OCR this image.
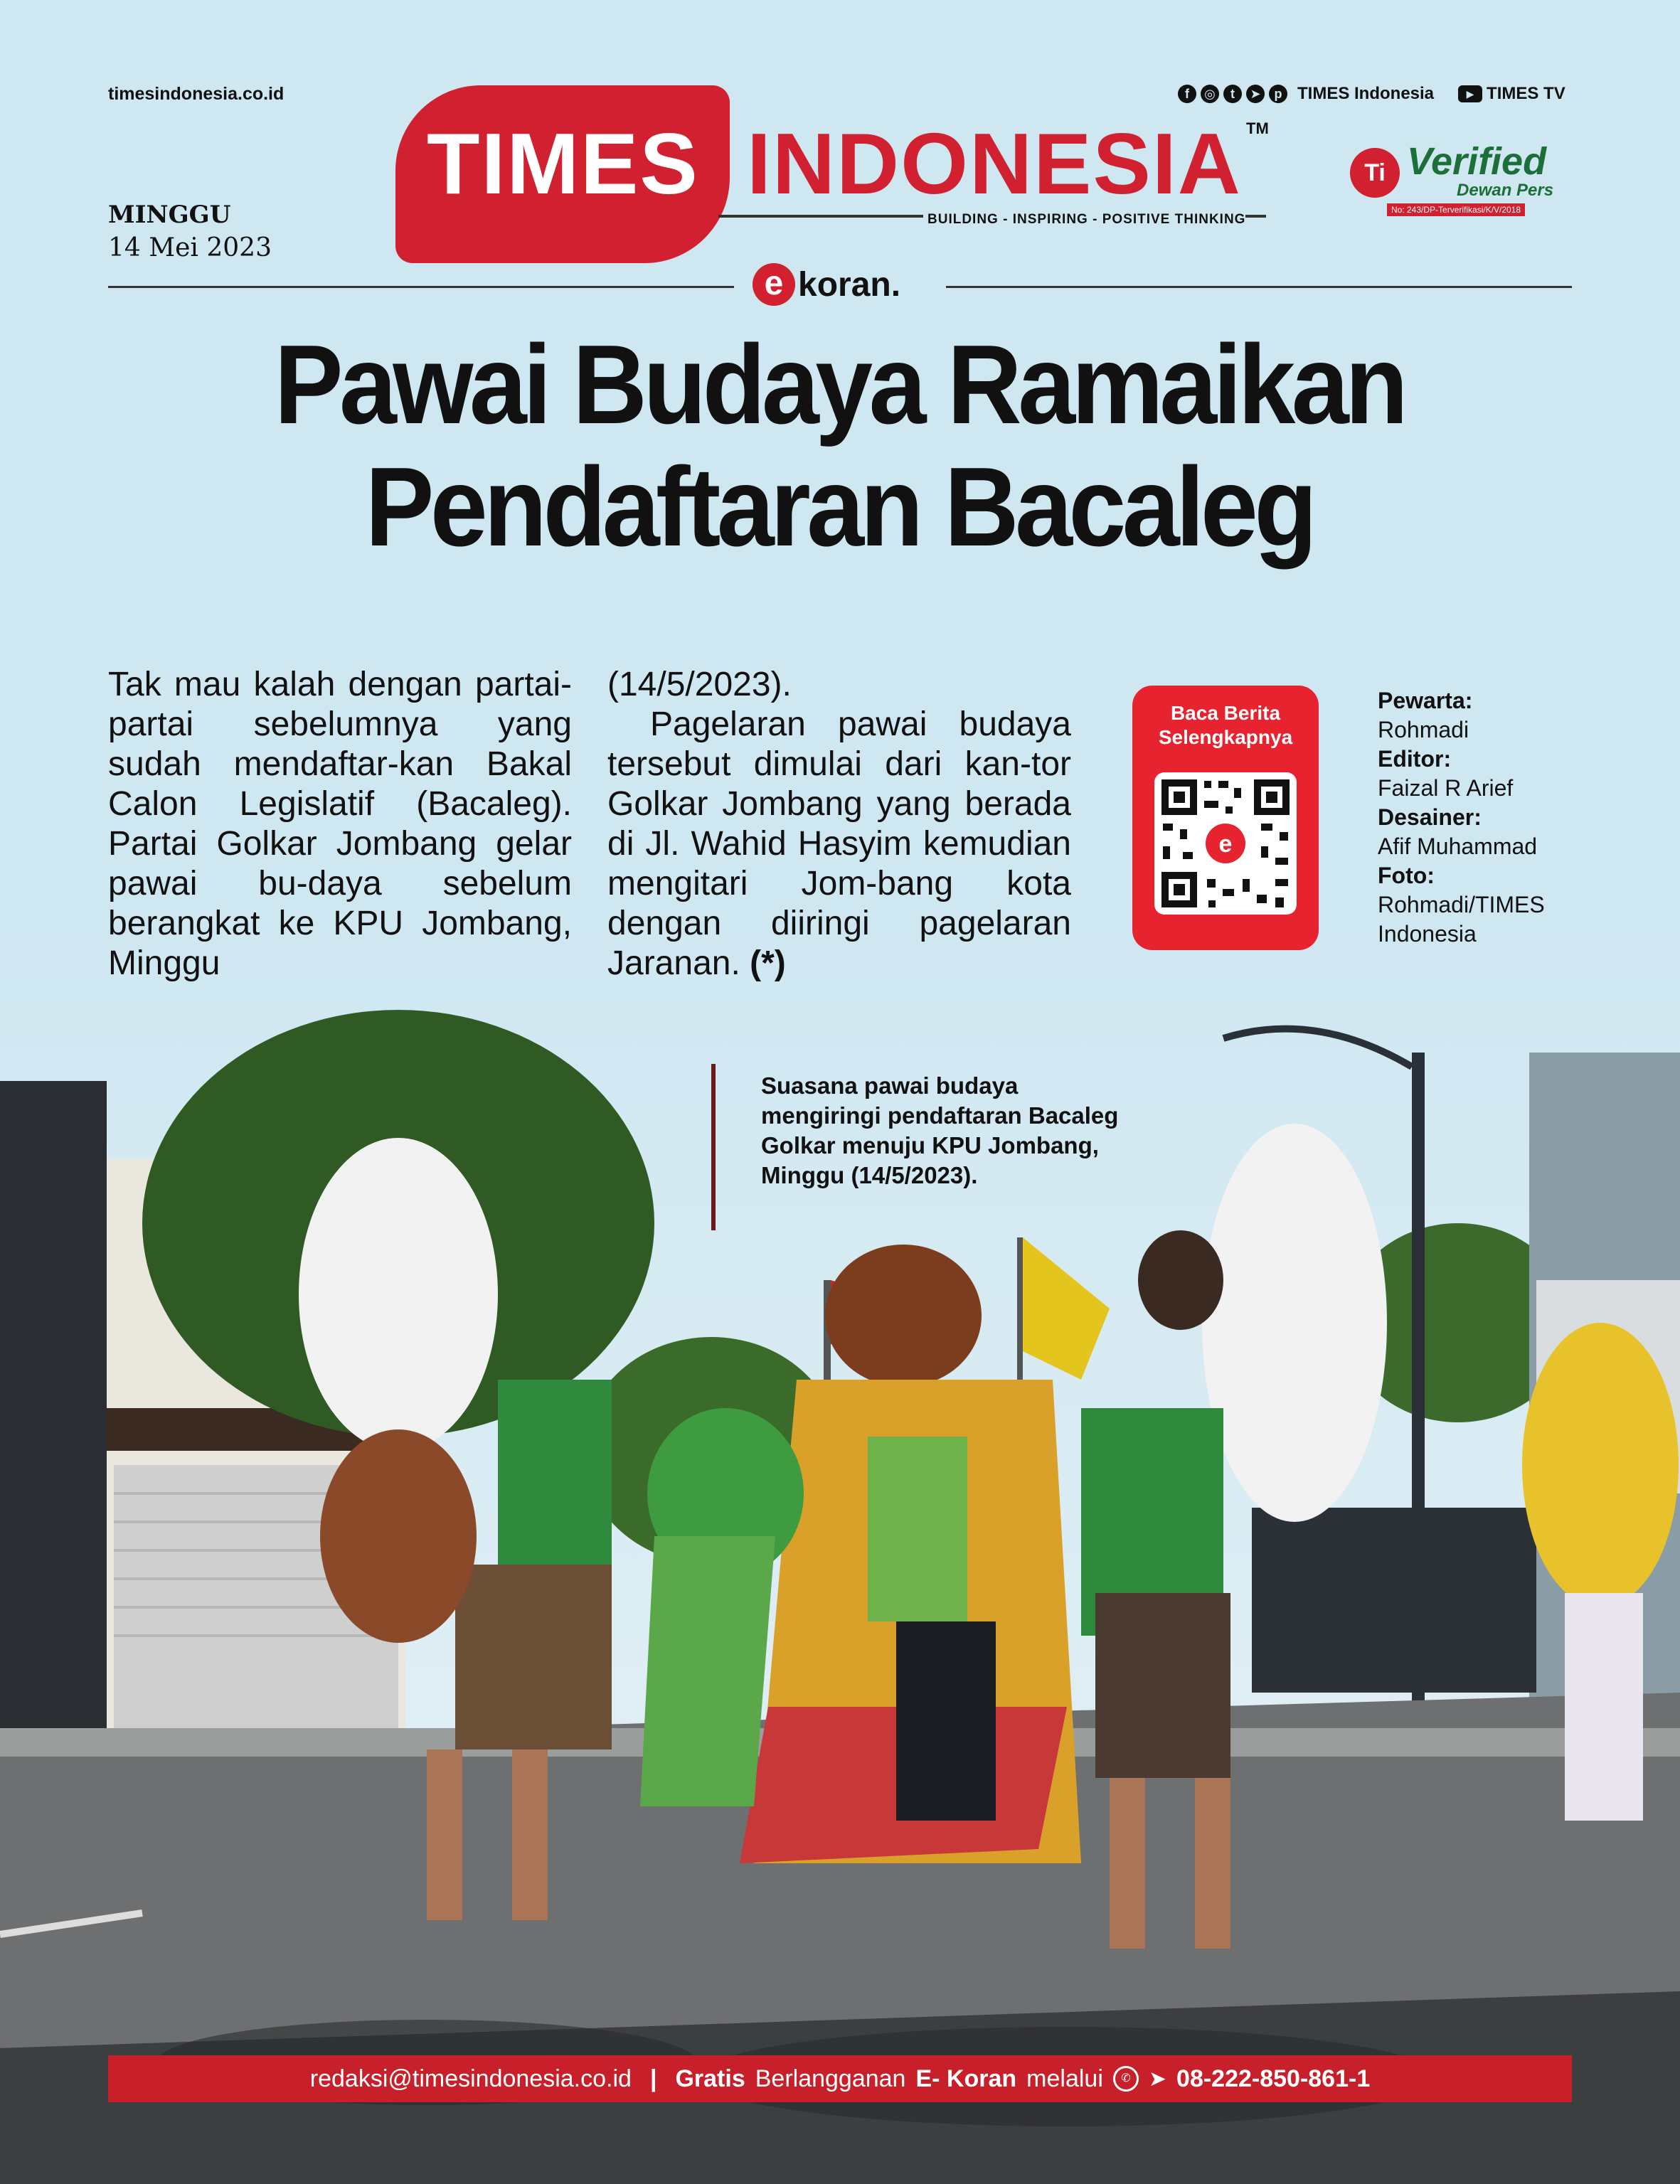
timesindonesia.co.id
MINGGU
14 Mei 2023
TIMES INDONESIA TM
BUILDING - INSPIRING - POSITIVE THINKING
f	◎	t	➤	p TIMES Indonesia	▶ TIMES TV
Ti Verified
Dewan Pers
No: 243/DP-Terverifikasi/K/V/2018
e koran.
Pawai Budaya Ramaikan
Pendaftaran Bacaleg
Tak mau kalah dengan partai-partai sebelumnya yang sudah mendaftar-kan Bakal Calon Legislatif (Bacaleg). Partai Golkar Jombang gelar pawai bu-daya sebelum berangkat ke KPU Jombang, Minggu
(14/5/2023).
Pagelaran pawai budaya tersebut dimulai dari kan-tor Golkar Jombang yang berada di Jl. Wahid Hasyim kemudian mengitari Jom-bang kota dengan diiringi pagelaran Jaranan. (*)
Baca Berita
Selengkapnya
e
Pewarta:
Rohmadi
Editor:
Faizal R Arief
Desainer:
Afif Muhammad
Foto:
Rohmadi/TIMES Indonesia
Suasana pawai budaya mengiringi pendaftaran Bacaleg Golkar menuju KPU Jombang, Minggu (14/5/2023).
redaksi@timesindonesia.co.id | Gratis Berlangganan E- Koran melalui	✆ ➤ 08-222-850-861-1
